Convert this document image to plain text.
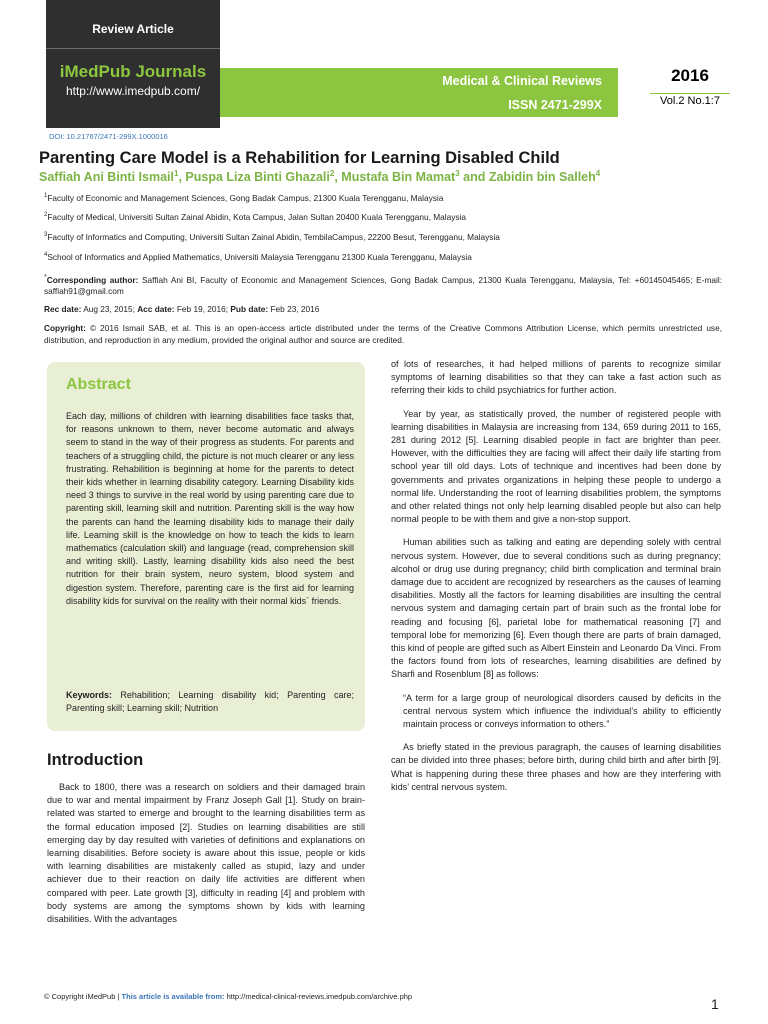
Review Article
iMedPub Journals
http://www.imedpub.com/
Medical & Clinical Reviews
ISSN 2471-299X
2016
Vol.2 No.1:7
DOI: 10.21767/2471-299X.1000016
Parenting Care Model is a Rehabilition for Learning Disabled Child
Saffiah Ani Binti Ismail$^1$, Puspa Liza Binti Ghazali$^2$, Mustafa Bin Mamat$^3$ and Zabidin bin Salleh$^4$
$^1$Faculty of Economic and Management Sciences, Gong Badak Campus, 21300 Kuala Terengganu, Malaysia
$^2$Faculty of Medical, Universiti Sultan Zainal Abidin, Kota Campus, Jalan Sultan 20400 Kuala Terengganu, Malaysia
$^3$Faculty of Informatics and Computing, Universiti Sultan Zainal Abidin, TembilaCampus, 22200 Besut, Terengganu, Malaysia
$^4$School of Informatics and Applied Mathematics, Universiti Malaysia Terengganu 21300 Kuala Terengganu, Malaysia
*Corresponding author: Saffiah Ani BI, Faculty of Economic and Management Sciences, Gong Badak Campus, 21300 Kuala Terengganu, Malaysia, Tel: +60145045465; E-mail: saffiah91@gmail.com
Rec date: Aug 23, 2015; Acc date: Feb 19, 2016; Pub date: Feb 23, 2016
Copyright: © 2016 Ismail SAB, et al. This is an open-access article distributed under the terms of the Creative Commons Attribution License, which permits unrestricted use, distribution, and reproduction in any medium, provided the original author and source are credited.
Abstract
Each day, millions of children with learning disabilities face tasks that, for reasons unknown to them, never become automatic and always seem to stand in the way of their progress as students. For parents and teachers of a struggling child, the picture is not much clearer or any less frustrating. Rehabilition is beginning at home for the parents to detect their kids whether in learning disability category. Learning Disability kids need 3 things to survive in the real world by using parenting care due to parenting skill, learning skill and nutrition. Parenting skill is the way how the parents can hand the learning disability kids to manage their daily life. Learning skill is the knowledge on how to teach the kids to learn mathematics (calculation skill) and language (read, comprehension skill and writing skill). Lastly, learning disability kids also need the best nutrition for their brain system, neuro system, blood system and digestion system. Therefore, parenting care is the first aid for learning disability kids for survival on the reality with their normal kids` friends.
Keywords: Rehabilition; Learning disability kid; Parenting care; Parenting skill; Learning skill; Nutrition
Introduction
Back to 1800, there was a research on soldiers and their damaged brain due to war and mental impairment by Franz Joseph Gall [1]. Study on brain-related was started to emerge and brought to the learning disabilities term as the formal education imposed [2]. Studies on learning disabilities are still emerging day by day resulted with varieties of definitions and explanations on learning disabilities. Before society is aware about this issue, people or kids with learning disabilities are mistakenly called as stupid, lazy and under achiever due to their reaction on daily life activities are different when compared with peer. Late growth [3], difficulty in reading [4] and problem with body systems are among the symptoms shown by kids with learning disabilities. With the advantages

of lots of researches, it had helped millions of parents to recognize similar symptoms of learning disabilities so that they can take a fast action such as referring their kids to child psychiatrics for further action.

Year by year, as statistically proved, the number of registered people with learning disabilities in Malaysia are increasing from 134, 659 during 2011 to 165, 281 during 2012 [5]. Learning disabled people in fact are brighter than peer. However, with the difficulties they are facing will affect their daily life starting from school year till old days. Lots of technique and incentives had been done by governments and privates organizations in helping these people to undergo a normal life. Understanding the root of learning disabilities problem, the symptoms and other related things not only help learning disabled people but also can help normal people to be with them and give a non-stop support.

Human abilities such as talking and eating are depending solely with central nervous system. However, due to several conditions such as during pregnancy; alcohol or drug use during pregnancy; child birth complication and terminal brain damage due to accident are recognized by researchers as the causes of learning disabilities. Mostly all the factors for learning disabilities are insulting the central nervous system and damaging certain part of brain such as the frontal lobe for reading and focusing [6], parietal lobe for mathematical reasoning [7] and temporal lobe for memorizing [6]. Even though there are parts of brain damaged, this kind of people are gifted such as Albert Einstein and Leonardo Da Vinci. From the factors found from lots of researches, learning disabilities are defined by Sharfi and Rosenblum [8] as follows:

“A term for a large group of neurological disorders caused by deficits in the central nervous system which influence the individual’s ability to efficiently maintain process or conveys information to others.”

As briefly stated in the previous paragraph, the causes of learning disabilities can be divided into three phases; before birth, during child birth and after birth [9]. What is happening during these three phases and how are they interfering with kids’ central nervous system.

© Copyright iMedPub | This article is available from: http://medical-clinical-reviews.imedpub.com/archive.php	1
